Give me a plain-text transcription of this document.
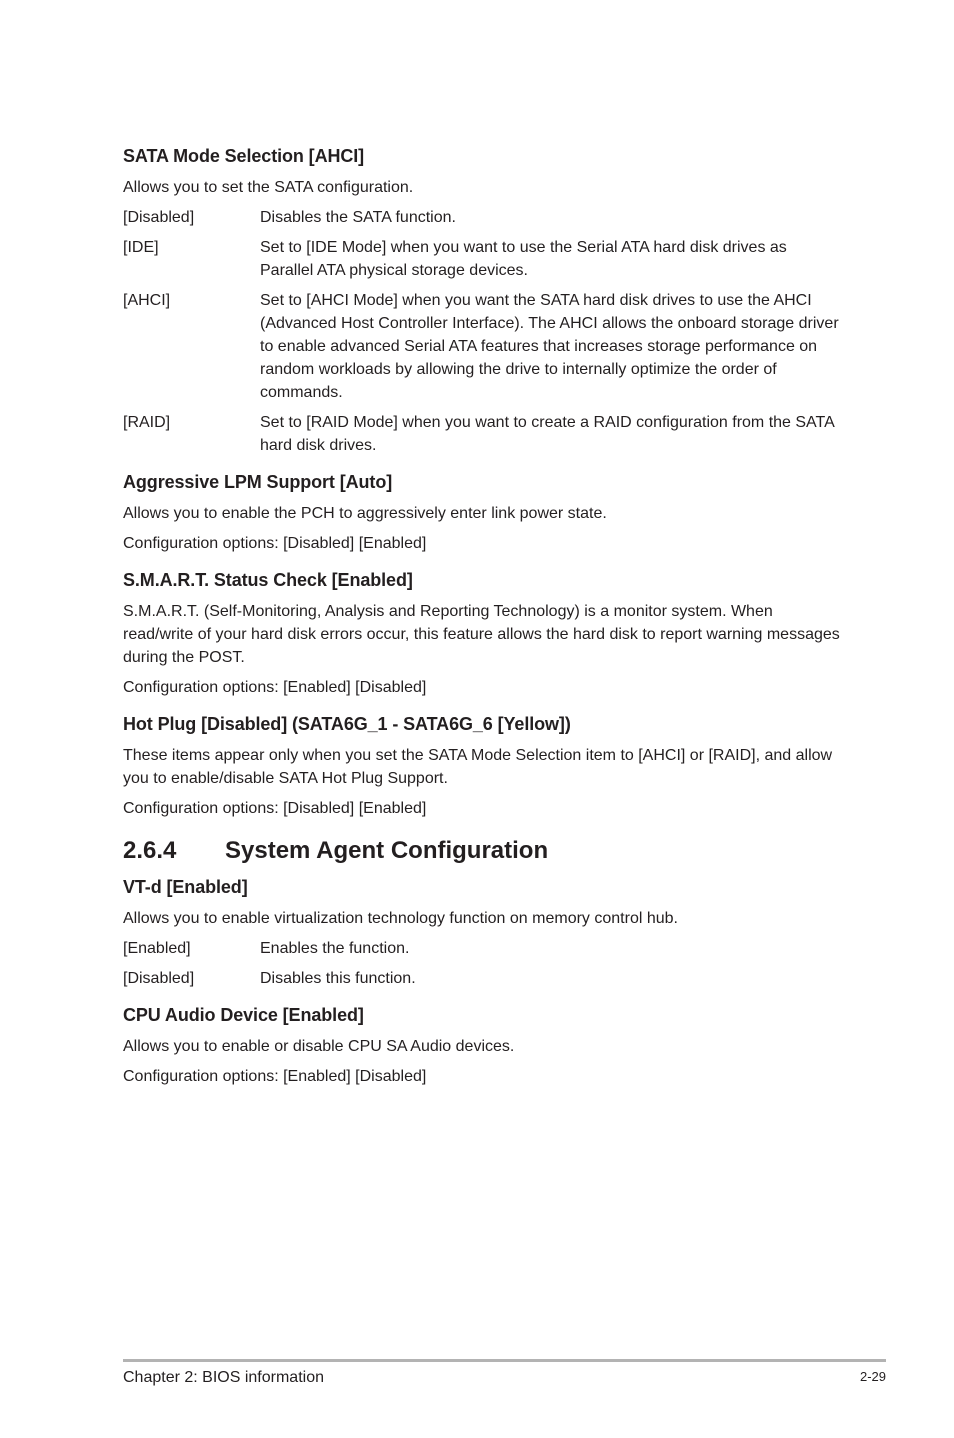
SATA Mode Selection [AHCI]

Allows you to set the SATA configuration.

[Disabled]	Disables the SATA function.
[IDE]	Set to [IDE Mode] when you want to use the Serial ATA hard disk drives as Parallel ATA physical storage devices.
[AHCI]	Set to [AHCI Mode] when you want the SATA hard disk drives to use the AHCI (Advanced Host Controller Interface). The AHCI allows the onboard storage driver to enable advanced Serial ATA features that increases storage performance on random workloads by allowing the drive to internally optimize the order of commands.
[RAID]	Set to [RAID Mode] when you want to create a RAID configuration from the SATA hard disk drives.
Aggressive LPM Support [Auto]

Allows you to enable the PCH to aggressively enter link power state.

Configuration options: [Disabled] [Enabled]

S.M.A.R.T. Status Check [Enabled]

S.M.A.R.T. (Self-Monitoring, Analysis and Reporting Technology) is a monitor system. When read/write of your hard disk errors occur, this feature allows the hard disk to report warning messages during the POST.

Configuration options: [Enabled] [Disabled]

Hot Plug [Disabled] (SATA6G_1 - SATA6G_6 [Yellow])

These items appear only when you set the SATA Mode Selection item to [AHCI] or [RAID], and allow you to enable/disable SATA Hot Plug Support.

Configuration options: [Disabled] [Enabled]

2.6.4	System Agent Configuration
VT-d [Enabled]

Allows you to enable virtualization technology function on memory control hub.

[Enabled]	Enables the function.
[Disabled]	Disables this function.
CPU Audio Device [Enabled]

Allows you to enable or disable CPU SA Audio devices.

Configuration options: [Enabled] [Disabled]

Chapter 2: BIOS information	2-29
